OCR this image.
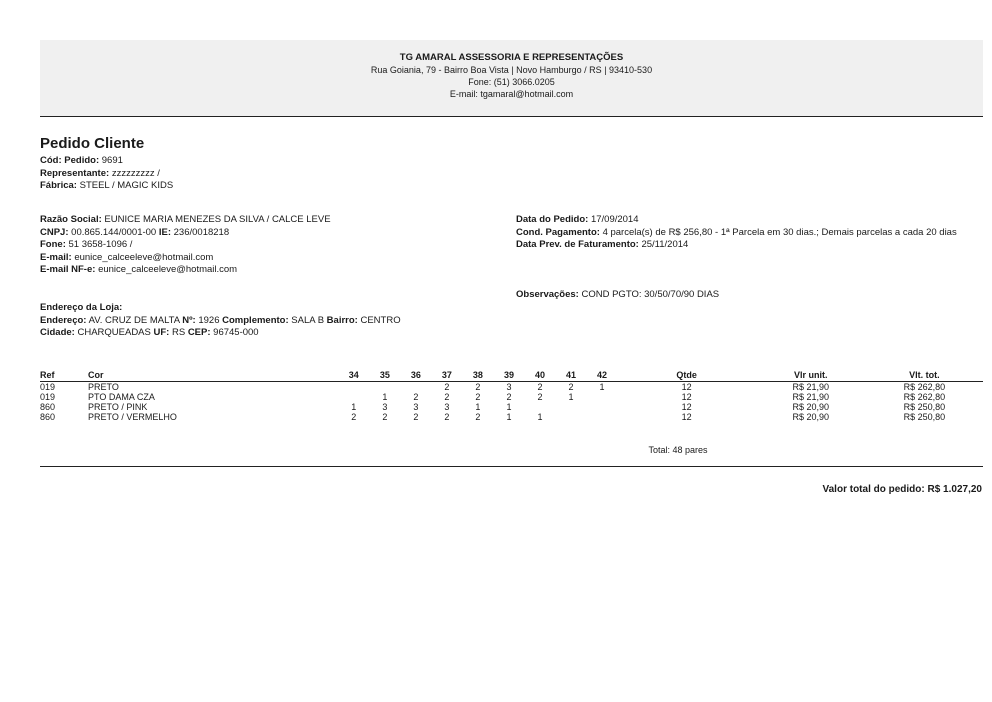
TG AMARAL ASSESSORIA E REPRESENTAÇÕES
Rua Goiania, 79 - Bairro Boa Vista | Novo Hamburgo / RS | 93410-530
Fone: (51) 3066.0205
E-mail: tgamaral@hotmail.com
Pedido Cliente
Cód: Pedido: 9691
Representante: zzzzzzzzz /
Fábrica: STEEL / MAGIC KIDS
Razão Social: EUNICE MARIA MENEZES DA SILVA / CALCE LEVE
CNPJ: 00.865.144/0001-00 IE: 236/0018218
Fone: 51 3658-1096 /
E-mail: eunice_calceeleve@hotmail.com
E-mail NF-e: eunice_calceeleve@hotmail.com
Endereço da Loja:
Endereço: AV. CRUZ DE MALTA Nº: 1926 Complemento: SALA B Bairro: CENTRO
Cidade: CHARQUEADAS UF: RS CEP: 96745-000
Data do Pedido: 17/09/2014
Cond. Pagamento: 4 parcela(s) de R$ 256,80 - 1ª Parcela em 30 dias.; Demais parcelas a cada 20 dias
Data Prev. de Faturamento: 25/11/2014
Observações: COND PGTO: 30/50/70/90 DIAS
Ref	Cor	34	35	36	37	38	39	40	41	42	Qtde	Vlr unit.	Vlt. tot.
019	PRETO				2	2	3	2	2	1	12	R$ 21,90	R$ 262,80
019	PTO DAMA CZA		1	2	2	2	2	2	1		12	R$ 21,90	R$ 262,80
860	PRETO / PINK	1	3	3	3	1	1				12	R$ 20,90	R$ 250,80
860	PRETO / VERMELHO	2	2	2	2	2	1	1			12	R$ 20,90	R$ 250,80
Total: 48 pares
Valor total do pedido: R$ 1.027,20
